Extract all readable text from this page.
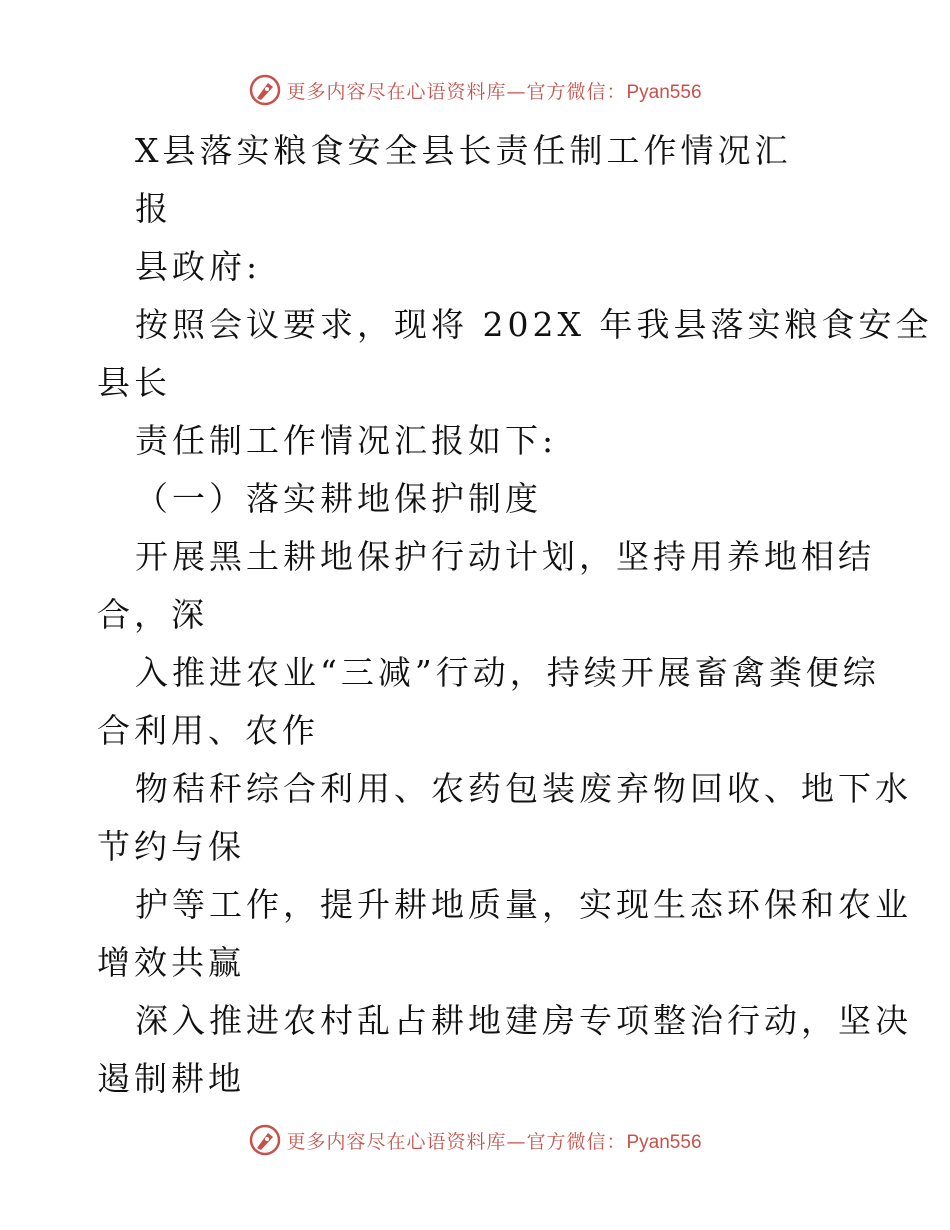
更多内容尽在心语资料库—官方微信：Pyan556
X县落实粮食安全县长责任制工作情况汇
报
县政府:
按照会议要求，现将 202X 年我县落实粮食安全
县长
责任制工作情况汇报如下:
（一）落实耕地保护制度
开展黑土耕地保护行动计划，坚持用养地相结
合，深
入推进农业“三减”行动，持续开展畜禽粪便综
合利用、农作
物秸秆综合利用、农药包装废弃物回收、地下水
节约与保
护等工作，提升耕地质量，实现生态环保和农业
增效共赢
深入推进农村乱占耕地建房专项整治行动，坚决
遏制耕地
更多内容尽在心语资料库—官方微信：Pyan556
